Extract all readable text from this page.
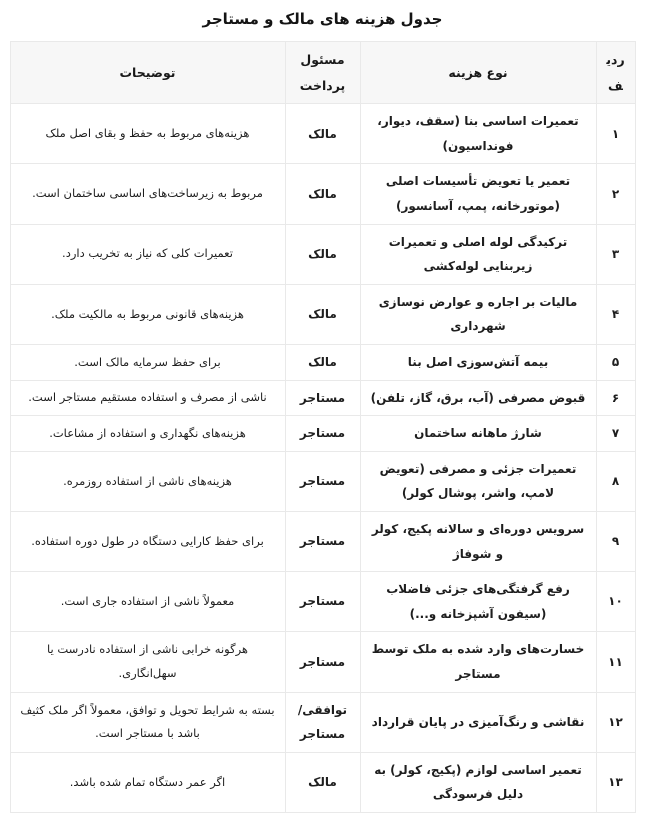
جدول هزینه های مالک و مستاجر
ردیف	نوع هزینه	مسئول پرداخت	توضیحات
۱	تعمیرات اساسی بنا (سقف، دیوار، فونداسیون)	مالک	هزینه‌های مربوط به حفظ و بقای اصل ملک
۲	تعمیر یا تعویض تأسیسات اصلی (موتورخانه، پمپ، آسانسور)	مالک	مربوط به زیرساخت‌های اساسی ساختمان است.
۳	ترکیدگی لوله اصلی و تعمیرات زیربنایی لوله‌کشی	مالک	تعمیرات کلی که نیاز به تخریب دارد.
۴	مالیات بر اجاره و عوارض نوسازی شهرداری	مالک	هزینه‌های قانونی مربوط به مالکیت ملک.
۵	بیمه آتش‌سوزی اصل بنا	مالک	برای حفظ سرمایه مالک است.
۶	قبوض مصرفی (آب، برق، گاز، تلفن)	مستاجر	ناشی از مصرف و استفاده مستقیم مستاجر است.
۷	شارژ ماهانه ساختمان	مستاجر	هزینه‌های نگهداری و استفاده از مشاعات.
۸	تعمیرات جزئی و مصرفی (تعویض لامپ، واشر، پوشال کولر)	مستاجر	هزینه‌های ناشی از استفاده روزمره.
۹	سرویس دوره‌ای و سالانه پکیج، کولر و شوفاژ	مستاجر	برای حفظ کارایی دستگاه در طول دوره استفاده.
۱۰	رفع گرفتگی‌های جزئی فاضلاب (سیفون آشپزخانه و...)	مستاجر	معمولاً ناشی از استفاده جاری است.
۱۱	خسارت‌های وارد شده به ملک توسط مستاجر	مستاجر	هرگونه خرابی ناشی از استفاده نادرست یا سهل‌انگاری.
۱۲	نقاشی و رنگ‌آمیزی در پایان قرارداد	توافقی/ مستاجر	بسته به شرایط تحویل و توافق، معمولاً اگر ملک کثیف باشد با مستاجر است.
۱۳	تعمیر اساسی لوازم (پکیج، کولر) به دلیل فرسودگی	مالک	اگر عمر دستگاه تمام شده باشد.
